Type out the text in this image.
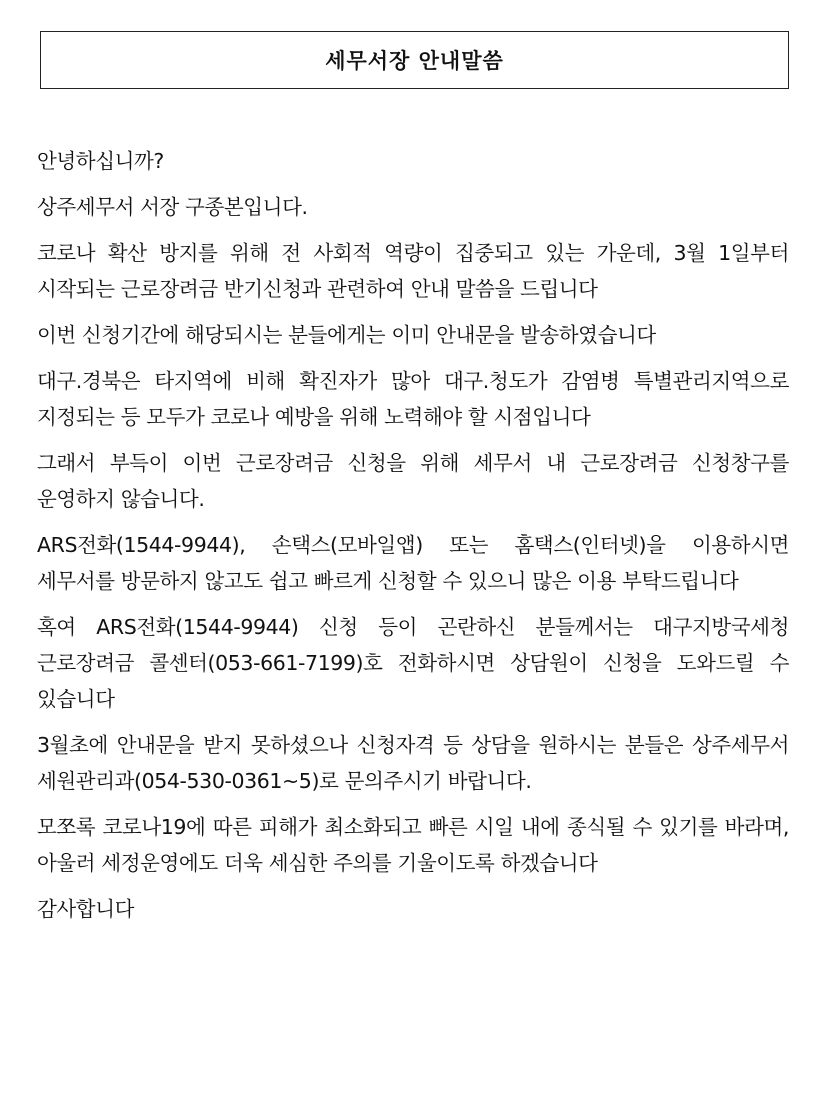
세무서장 안내말씀

안녕하십니까?

상주세무서 서장 구종본입니다.

코로나 확산 방지를 위해 전 사회적 역량이 집중되고 있는 가운데, 3월 1일부터 시작되는 근로장려금 반기신청과 관련하여 안내 말씀을 드립니다

이번 신청기간에 해당되시는 분들에게는 이미 안내문을 발송하였습니다

대구.경북은 타지역에 비해 확진자가 많아 대구.청도가 감염병 특별관리지역으로 지정되는 등 모두가 코로나 예방을 위해 노력해야 할 시점입니다

그래서 부득이 이번 근로장려금 신청을 위해 세무서 내 근로장려금 신청창구를 운영하지 않습니다.

ARS전화(1544-9944), 손택스(모바일앱) 또는 홈택스(인터넷)을 이용하시면 세무서를 방문하지 않고도 쉽고 빠르게 신청할 수 있으니 많은 이용 부탁드립니다

혹여 ARS전화(1544-9944) 신청 등이 곤란하신 분들께서는 대구지방국세청 근로장려금 콜센터(053-661-7199)호 전화하시면 상담원이 신청을 도와드릴 수 있습니다

3월초에 안내문을 받지 못하셨으나 신청자격 등 상담을 원하시는 분들은 상주세무서 세원관리과(054-530-0361~5)로 문의주시기 바랍니다.

모쪼록 코로나19에 따른 피해가 최소화되고 빠른 시일 내에 종식될 수 있기를 바라며, 아울러 세정운영에도 더욱 세심한 주의를 기울이도록 하겠습니다

감사합니다
